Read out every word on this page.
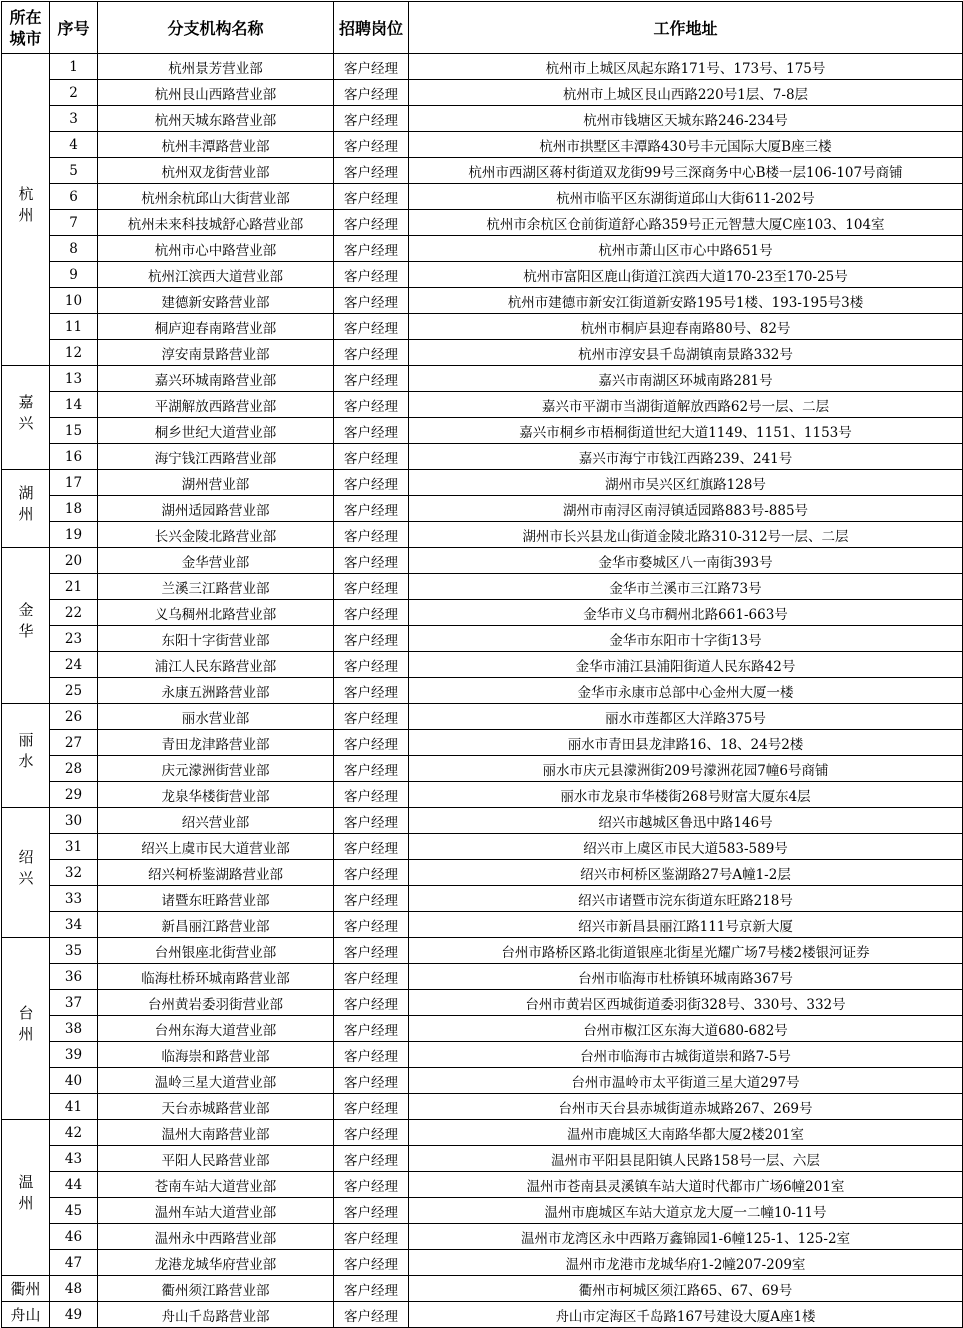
所在城市	序号	分支机构名称	招聘岗位	工作地址
杭州	1	杭州景芳营业部	客户经理	杭州市上城区凤起东路171号、173号、175号
	2	杭州艮山西路营业部	客户经理	杭州市上城区艮山西路220号1层、7-8层
	3	杭州天城东路营业部	客户经理	杭州市钱塘区天城东路246-234号
	4	杭州丰潭路营业部	客户经理	杭州市拱墅区丰潭路430号丰元国际大厦B座三楼
	5	杭州双龙街营业部	客户经理	杭州市西湖区蒋村街道双龙街99号三深商务中心B楼一层106-107号商铺
	6	杭州余杭邱山大街营业部	客户经理	杭州市临平区东湖街道邱山大街611-202号
	7	杭州未来科技城舒心路营业部	客户经理	杭州市余杭区仓前街道舒心路359号正元智慧大厦C座103、104室
	8	杭州市心中路营业部	客户经理	杭州市萧山区市心中路651号
	9	杭州江滨西大道营业部	客户经理	杭州市富阳区鹿山街道江滨西大道170-23至170-25号
	10	建德新安路营业部	客户经理	杭州市建德市新安江街道新安路195号1楼、193-195号3楼
	11	桐庐迎春南路营业部	客户经理	杭州市桐庐县迎春南路80号、82号
	12	淳安南景路营业部	客户经理	杭州市淳安县千岛湖镇南景路332号
嘉兴	13	嘉兴环城南路营业部	客户经理	嘉兴市南湖区环城南路281号
	14	平湖解放西路营业部	客户经理	嘉兴市平湖市当湖街道解放西路62号一层、二层
	15	桐乡世纪大道营业部	客户经理	嘉兴市桐乡市梧桐街道世纪大道1149、1151、1153号
	16	海宁钱江西路营业部	客户经理	嘉兴市海宁市钱江西路239、241号
湖州	17	湖州营业部	客户经理	湖州市吴兴区红旗路128号
	18	湖州适园路营业部	客户经理	湖州市南浔区南浔镇适园路883号-885号
	19	长兴金陵北路营业部	客户经理	湖州市长兴县龙山街道金陵北路310-312号一层、二层
金华	20	金华营业部	客户经理	金华市婺城区八一南街393号
	21	兰溪三江路营业部	客户经理	金华市兰溪市三江路73号
	22	义乌稠州北路营业部	客户经理	金华市义乌市稠州北路661-663号
	23	东阳十字街营业部	客户经理	金华市东阳市十字街13号
	24	浦江人民东路营业部	客户经理	金华市浦江县浦阳街道人民东路42号
	25	永康五洲路营业部	客户经理	金华市永康市总部中心金州大厦一楼
丽水	26	丽水营业部	客户经理	丽水市莲都区大洋路375号
	27	青田龙津路营业部	客户经理	丽水市青田县龙津路16、18、24号2楼
	28	庆元濛洲街营业部	客户经理	丽水市庆元县濛洲街209号濛洲花园7幢6号商铺
	29	龙泉华楼街营业部	客户经理	丽水市龙泉市华楼街268号财富大厦东4层
绍兴	30	绍兴营业部	客户经理	绍兴市越城区鲁迅中路146号
	31	绍兴上虞市民大道营业部	客户经理	绍兴市上虞区市民大道583-589号
	32	绍兴柯桥鉴湖路营业部	客户经理	绍兴市柯桥区鉴湖路27号A幢1-2层
	33	诸暨东旺路营业部	客户经理	绍兴市诸暨市浣东街道东旺路218号
	34	新昌丽江路营业部	客户经理	绍兴市新昌县丽江路111号京新大厦
台州	35	台州银座北街营业部	客户经理	台州市路桥区路北街道银座北街星光耀广场7号楼2楼银河证券
	36	临海杜桥环城南路营业部	客户经理	台州市临海市杜桥镇环城南路367号
	37	台州黄岩委羽街营业部	客户经理	台州市黄岩区西城街道委羽街328号、330号、332号
	38	台州东海大道营业部	客户经理	台州市椒江区东海大道680-682号
	39	临海崇和路营业部	客户经理	台州市临海市古城街道崇和路7-5号
	40	温岭三星大道营业部	客户经理	台州市温岭市太平街道三星大道297号
	41	天台赤城路营业部	客户经理	台州市天台县赤城街道赤城路267、269号
温州	42	温州大南路营业部	客户经理	温州市鹿城区大南路华都大厦2楼201室
	43	平阳人民路营业部	客户经理	温州市平阳县昆阳镇人民路158号一层、六层
	44	苍南车站大道营业部	客户经理	温州市苍南县灵溪镇车站大道时代都市广场6幢201室
	45	温州车站大道营业部	客户经理	温州市鹿城区车站大道京龙大厦一二幢10-11号
	46	温州永中西路营业部	客户经理	温州市龙湾区永中西路万鑫锦园1-6幢125-1、125-2室
	47	龙港龙城华府营业部	客户经理	温州市龙港市龙城华府1-2幢207-209室
衢州	48	衢州须江路营业部	客户经理	衢州市柯城区须江路65、67、69号
舟山	49	舟山千岛路营业部	客户经理	舟山市定海区千岛路167号建设大厦A座1楼
